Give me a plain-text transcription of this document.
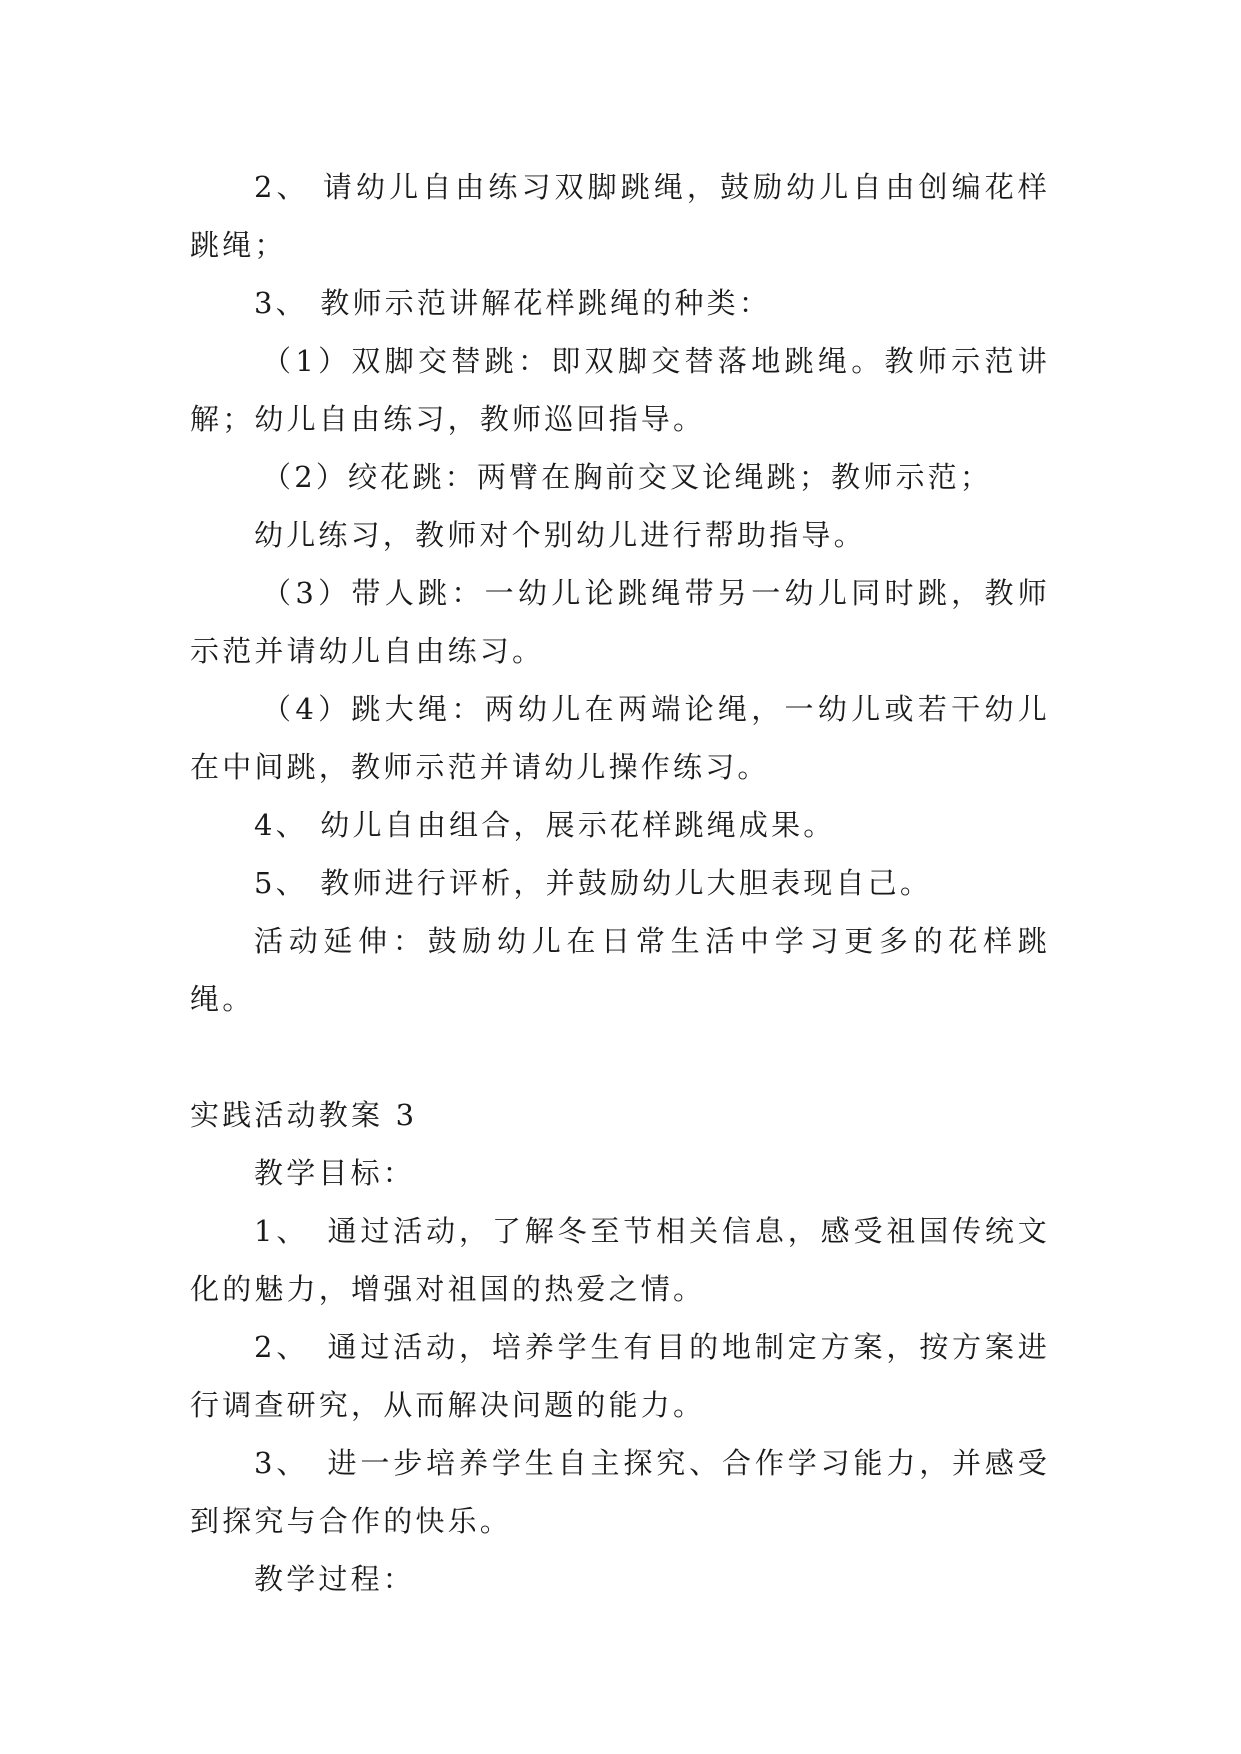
2、 请幼儿自由练习双脚跳绳，鼓励幼儿自由创编花样跳绳；

3、 教师示范讲解花样跳绳的种类：

（1）双脚交替跳：即双脚交替落地跳绳。教师示范讲解；幼儿自由练习，教师巡回指导。

（2）绞花跳：两臂在胸前交叉论绳跳；教师示范；

幼儿练习，教师对个别幼儿进行帮助指导。

（3）带人跳：一幼儿论跳绳带另一幼儿同时跳，教师示范并请幼儿自由练习。

（4）跳大绳：两幼儿在两端论绳，一幼儿或若干幼儿在中间跳，教师示范并请幼儿操作练习。

4、 幼儿自由组合，展示花样跳绳成果。

5、 教师进行评析，并鼓励幼儿大胆表现自己。

活动延伸：鼓励幼儿在日常生活中学习更多的花样跳绳。

实践活动教案 3

教学目标：

1、　通过活动，了解冬至节相关信息，感受祖国传统文化的魅力，增强对祖国的热爱之情。

2、　通过活动，培养学生有目的地制定方案，按方案进行调查研究，从而解决问题的能力。

3、　进一步培养学生自主探究、合作学习能力，并感受到探究与合作的快乐。

教学过程：
